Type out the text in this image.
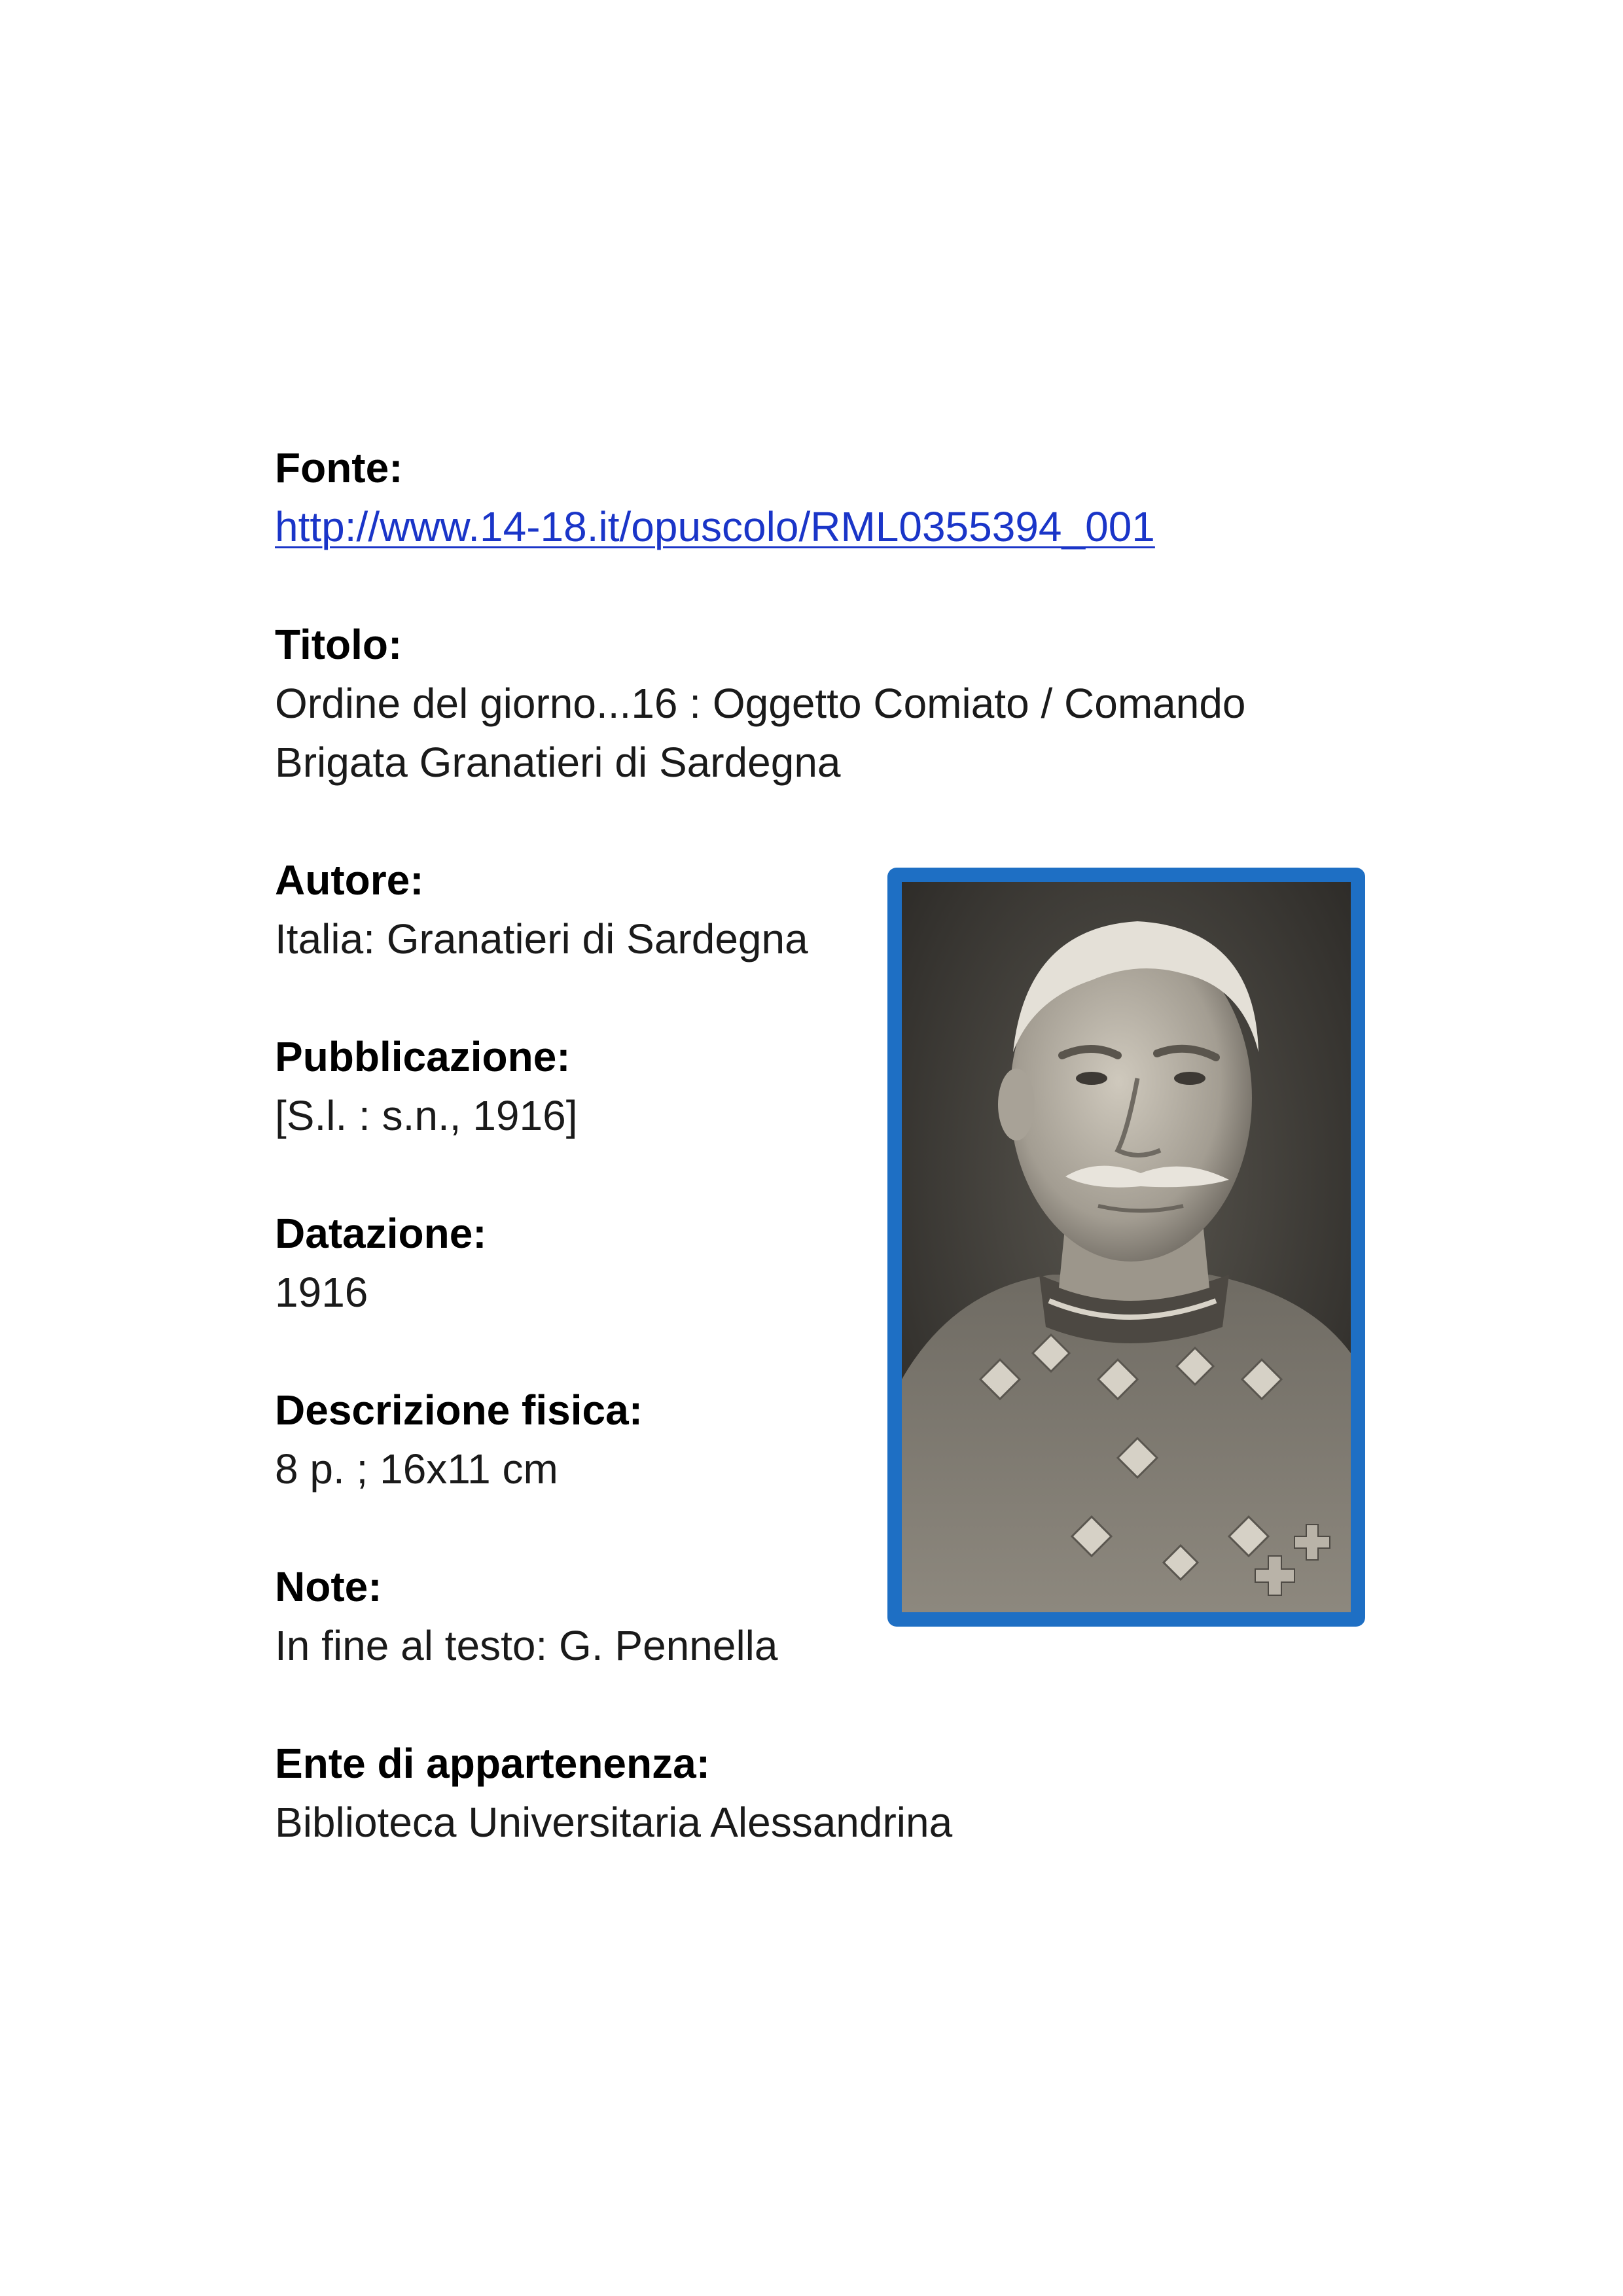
Fonte:
http://www.14-18.it/opuscolo/RML0355394_001
Titolo:
Ordine del giorno...16 : Oggetto Comiato / Comando
Brigata Granatieri di Sardegna
Autore:
Italia: Granatieri di Sardegna
Pubblicazione:
[S.l. : s.n., 1916]
Datazione:
1916
Descrizione fisica:
8 p. ; 16x11 cm
Note:
In fine al testo: G. Pennella
Ente di appartenenza:
Biblioteca Universitaria Alessandrina
